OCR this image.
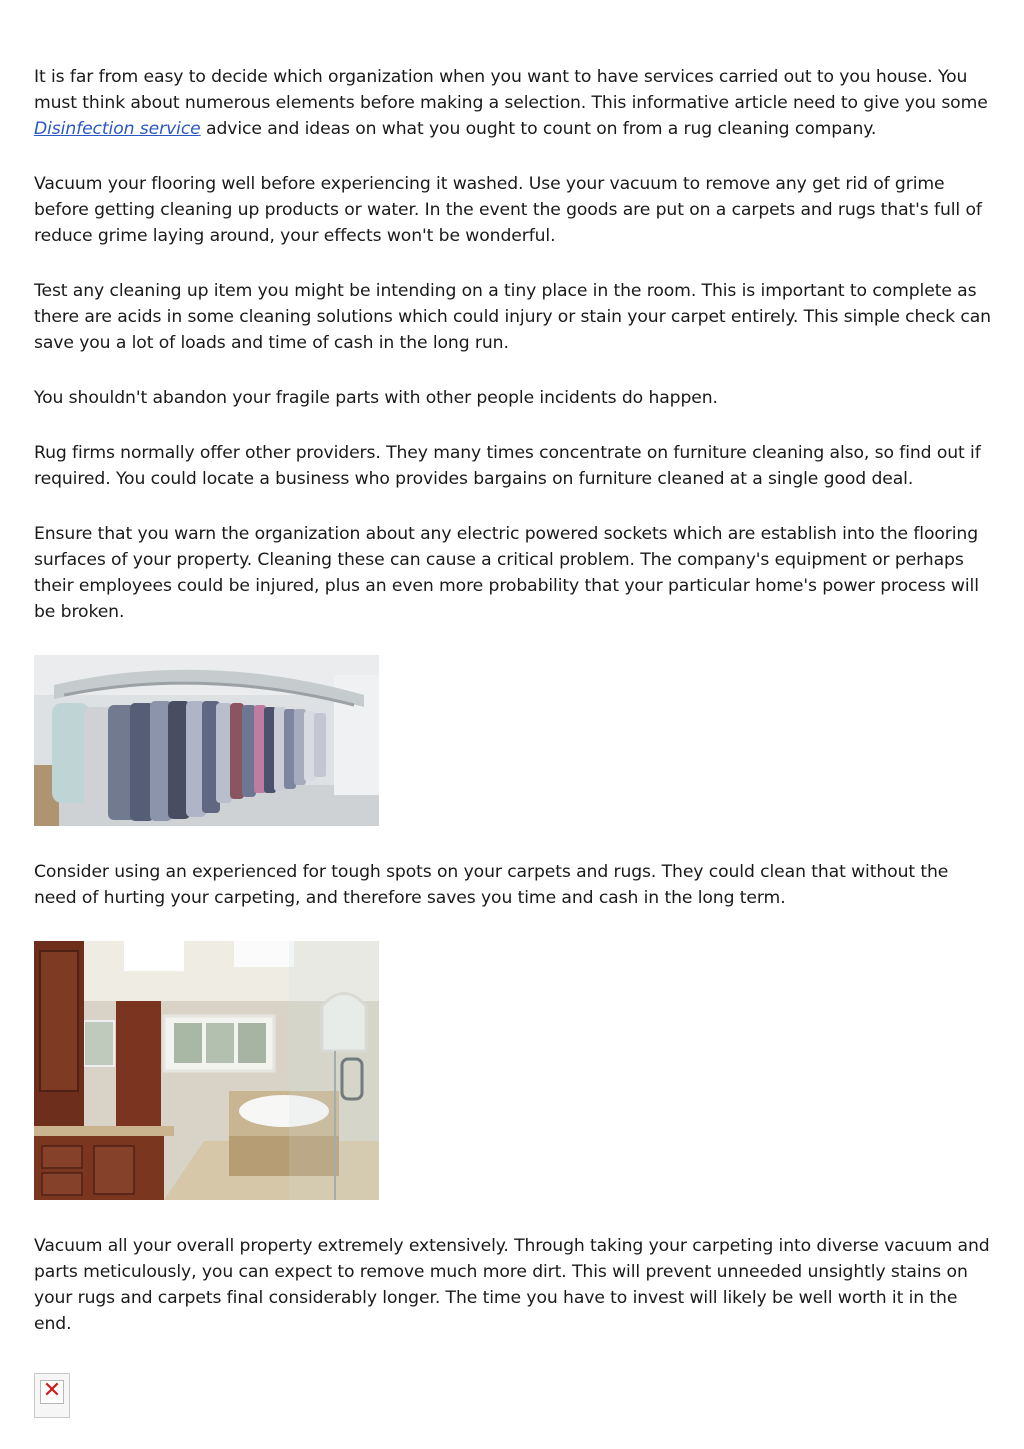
It is far from easy to decide which organization when you want to have services carried out to you house. You must think about numerous elements before making a selection. This informative article need to give you some Disinfection service advice and ideas on what you ought to count on from a rug cleaning company.

Vacuum your flooring well before experiencing it washed. Use your vacuum to remove any get rid of grime before getting cleaning up products or water. In the event the goods are put on a carpets and rugs that's full of reduce grime laying around, your effects won't be wonderful.

Test any cleaning up item you might be intending on a tiny place in the room. This is important to complete as there are acids in some cleaning solutions which could injury or stain your carpet entirely. This simple check can save you a lot of loads and time of cash in the long run.

You shouldn't abandon your fragile parts with other people incidents do happen.

Rug firms normally offer other providers. They many times concentrate on furniture cleaning also, so find out if required. You could locate a business who provides bargains on furniture cleaned at a single good deal.

Ensure that you warn the organization about any electric powered sockets which are establish into the flooring surfaces of your property. Cleaning these can cause a critical problem. The company's equipment or perhaps their employees could be injured, plus an even more probability that your particular home's power process will be broken.

Consider using an experienced for tough spots on your carpets and rugs. They could clean that without the need of hurting your carpeting, and therefore saves you time and cash in the long term.

Vacuum all your overall property extremely extensively. Through taking your carpeting into diverse vacuum and parts meticulously, you can expect to remove much more dirt. This will prevent unneeded unsightly stains on your rugs and carpets final considerably longer. The time you have to invest will likely be well worth it in the end.

✕
